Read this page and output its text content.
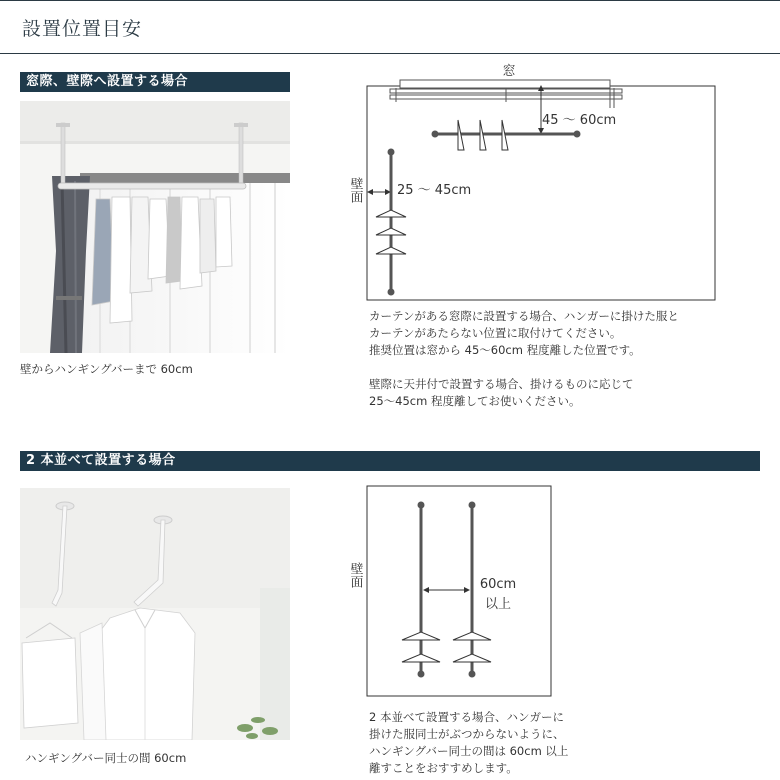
設置位置目安
窓際、壁際へ設置する場合
壁からハンギングバーまで 60cm
窓
45 〜 60cm
壁面	25 〜 45cm
カーテンがある窓際に設置する場合、ハンガーに掛けた服と
カーテンがあたらない位置に取付けてください。
推奨位置は窓から 45〜60cm 程度離した位置です。

壁際に天井付で設置する場合、掛けるものに応じて
25〜45cm 程度離してお使いください。
2 本並べて設置する場合
ハンギングバー同士の間 60cm
壁面	60cm
以上
2 本並べて設置する場合、ハンガーに
掛けた服同士がぶつからないように、
ハンギングバー同士の間は 60cm 以上
離すことをおすすめします。
